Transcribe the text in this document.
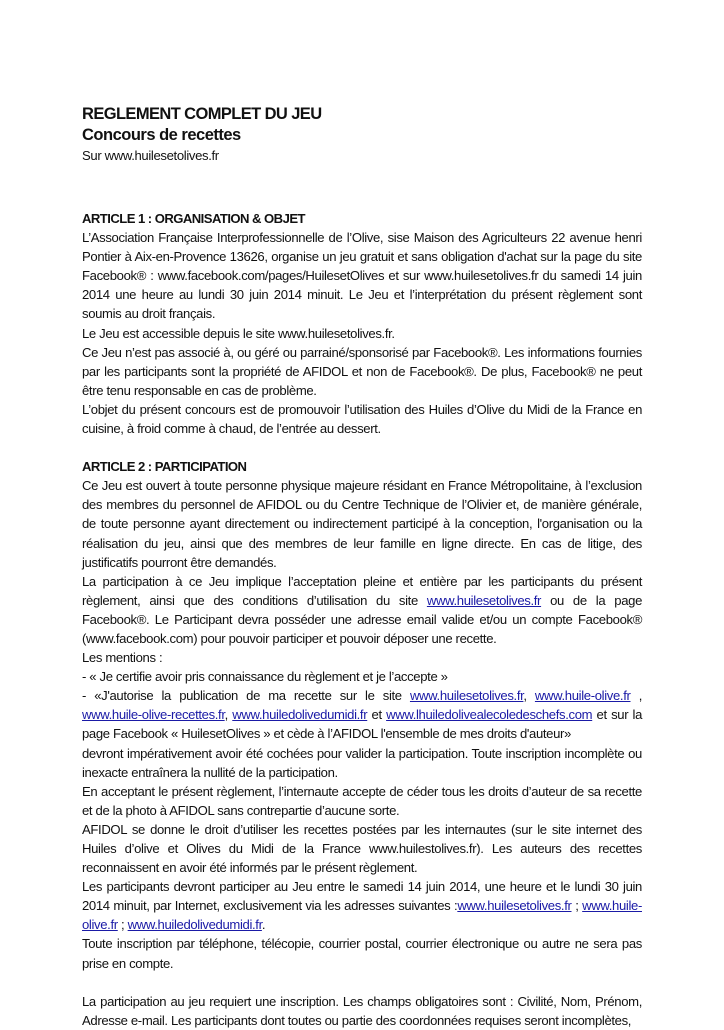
REGLEMENT COMPLET DU JEU
Concours de recettes
Sur www.huilesetolives.fr
ARTICLE 1 : ORGANISATION & OBJET

L’Association Française Interprofessionnelle de l’Olive, sise Maison des Agriculteurs 22 avenue henri Pontier à Aix-en-Provence 13626, organise un jeu gratuit et sans obligation d'achat sur la page du site Facebook® : www.facebook.com/pages/HuilesetOlives et sur www.huilesetolives.fr du samedi 14 juin 2014 une heure au lundi 30 juin 2014 minuit. Le Jeu et l’interprétation du présent règlement sont soumis au droit français.

Le Jeu est accessible depuis le site www.huilesetolives.fr.

Ce Jeu n’est pas associé à, ou géré ou parrainé/sponsorisé par Facebook®. Les informations fournies par les participants sont la propriété de AFIDOL et non de Facebook®. De plus, Facebook® ne peut être tenu responsable en cas de problème.

L’objet du présent concours est de promouvoir l’utilisation des Huiles d’Olive du Midi de la France en cuisine, à froid comme à chaud, de l’entrée au dessert.

ARTICLE 2 : PARTICIPATION

Ce Jeu est ouvert à toute personne physique majeure résidant en France Métropolitaine, à l’exclusion des membres du personnel de AFIDOL ou du Centre Technique de l’Olivier et, de manière générale, de toute personne ayant directement ou indirectement participé à la conception, l'organisation ou la réalisation du jeu, ainsi que des membres de leur famille en ligne directe. En cas de litige, des justificatifs pourront être demandés.

La participation à ce Jeu implique l’acceptation pleine et entière par les participants du présent règlement, ainsi que des conditions d’utilisation du site www.huilesetolives.fr ou de la page Facebook®. Le Participant devra posséder une adresse email valide et/ou un compte Facebook® (www.facebook.com) pour pouvoir participer et pouvoir déposer une recette.

Les mentions :

- « Je certifie avoir pris connaissance du règlement et je l’accepte »

- «J'autorise la publication de ma recette sur le site www.huilesetolives.fr, www.huile-olive.fr , www.huile-olive-recettes.fr, www.huiledolivedumidi.fr et www.lhuiledolivealecoledeschefs.com et sur la page Facebook « HuilesetOlives » et cède à l’AFIDOL l'ensemble de mes droits d'auteur»

devront impérativement avoir été cochées pour valider la participation. Toute inscription incomplète ou inexacte entraînera la nullité de la participation.

En acceptant le présent règlement, l’internaute accepte de céder tous les droits d’auteur de sa recette et de la photo à AFIDOL sans contrepartie d’aucune sorte.

AFIDOL se donne le droit d’utiliser les recettes postées par les internautes (sur le site internet des Huiles d’olive et Olives du Midi de la France www.huilestolives.fr). Les auteurs des recettes reconnaissent en avoir été informés par le présent règlement.

Les participants devront participer au Jeu entre le samedi 14 juin 2014, une heure et le lundi 30 juin 2014 minuit, par Internet, exclusivement via les adresses suivantes :www.huilesetolives.fr ; www.huile-olive.fr ; www.huiledolivedumidi.fr.

Toute inscription par téléphone, télécopie, courrier postal, courrier électronique ou autre ne sera pas prise en compte.

La participation au jeu requiert une inscription. Les champs obligatoires sont : Civilité, Nom, Prénom, Adresse e-mail. Les participants dont toutes ou partie des coordonnées requises seront incomplètes,
